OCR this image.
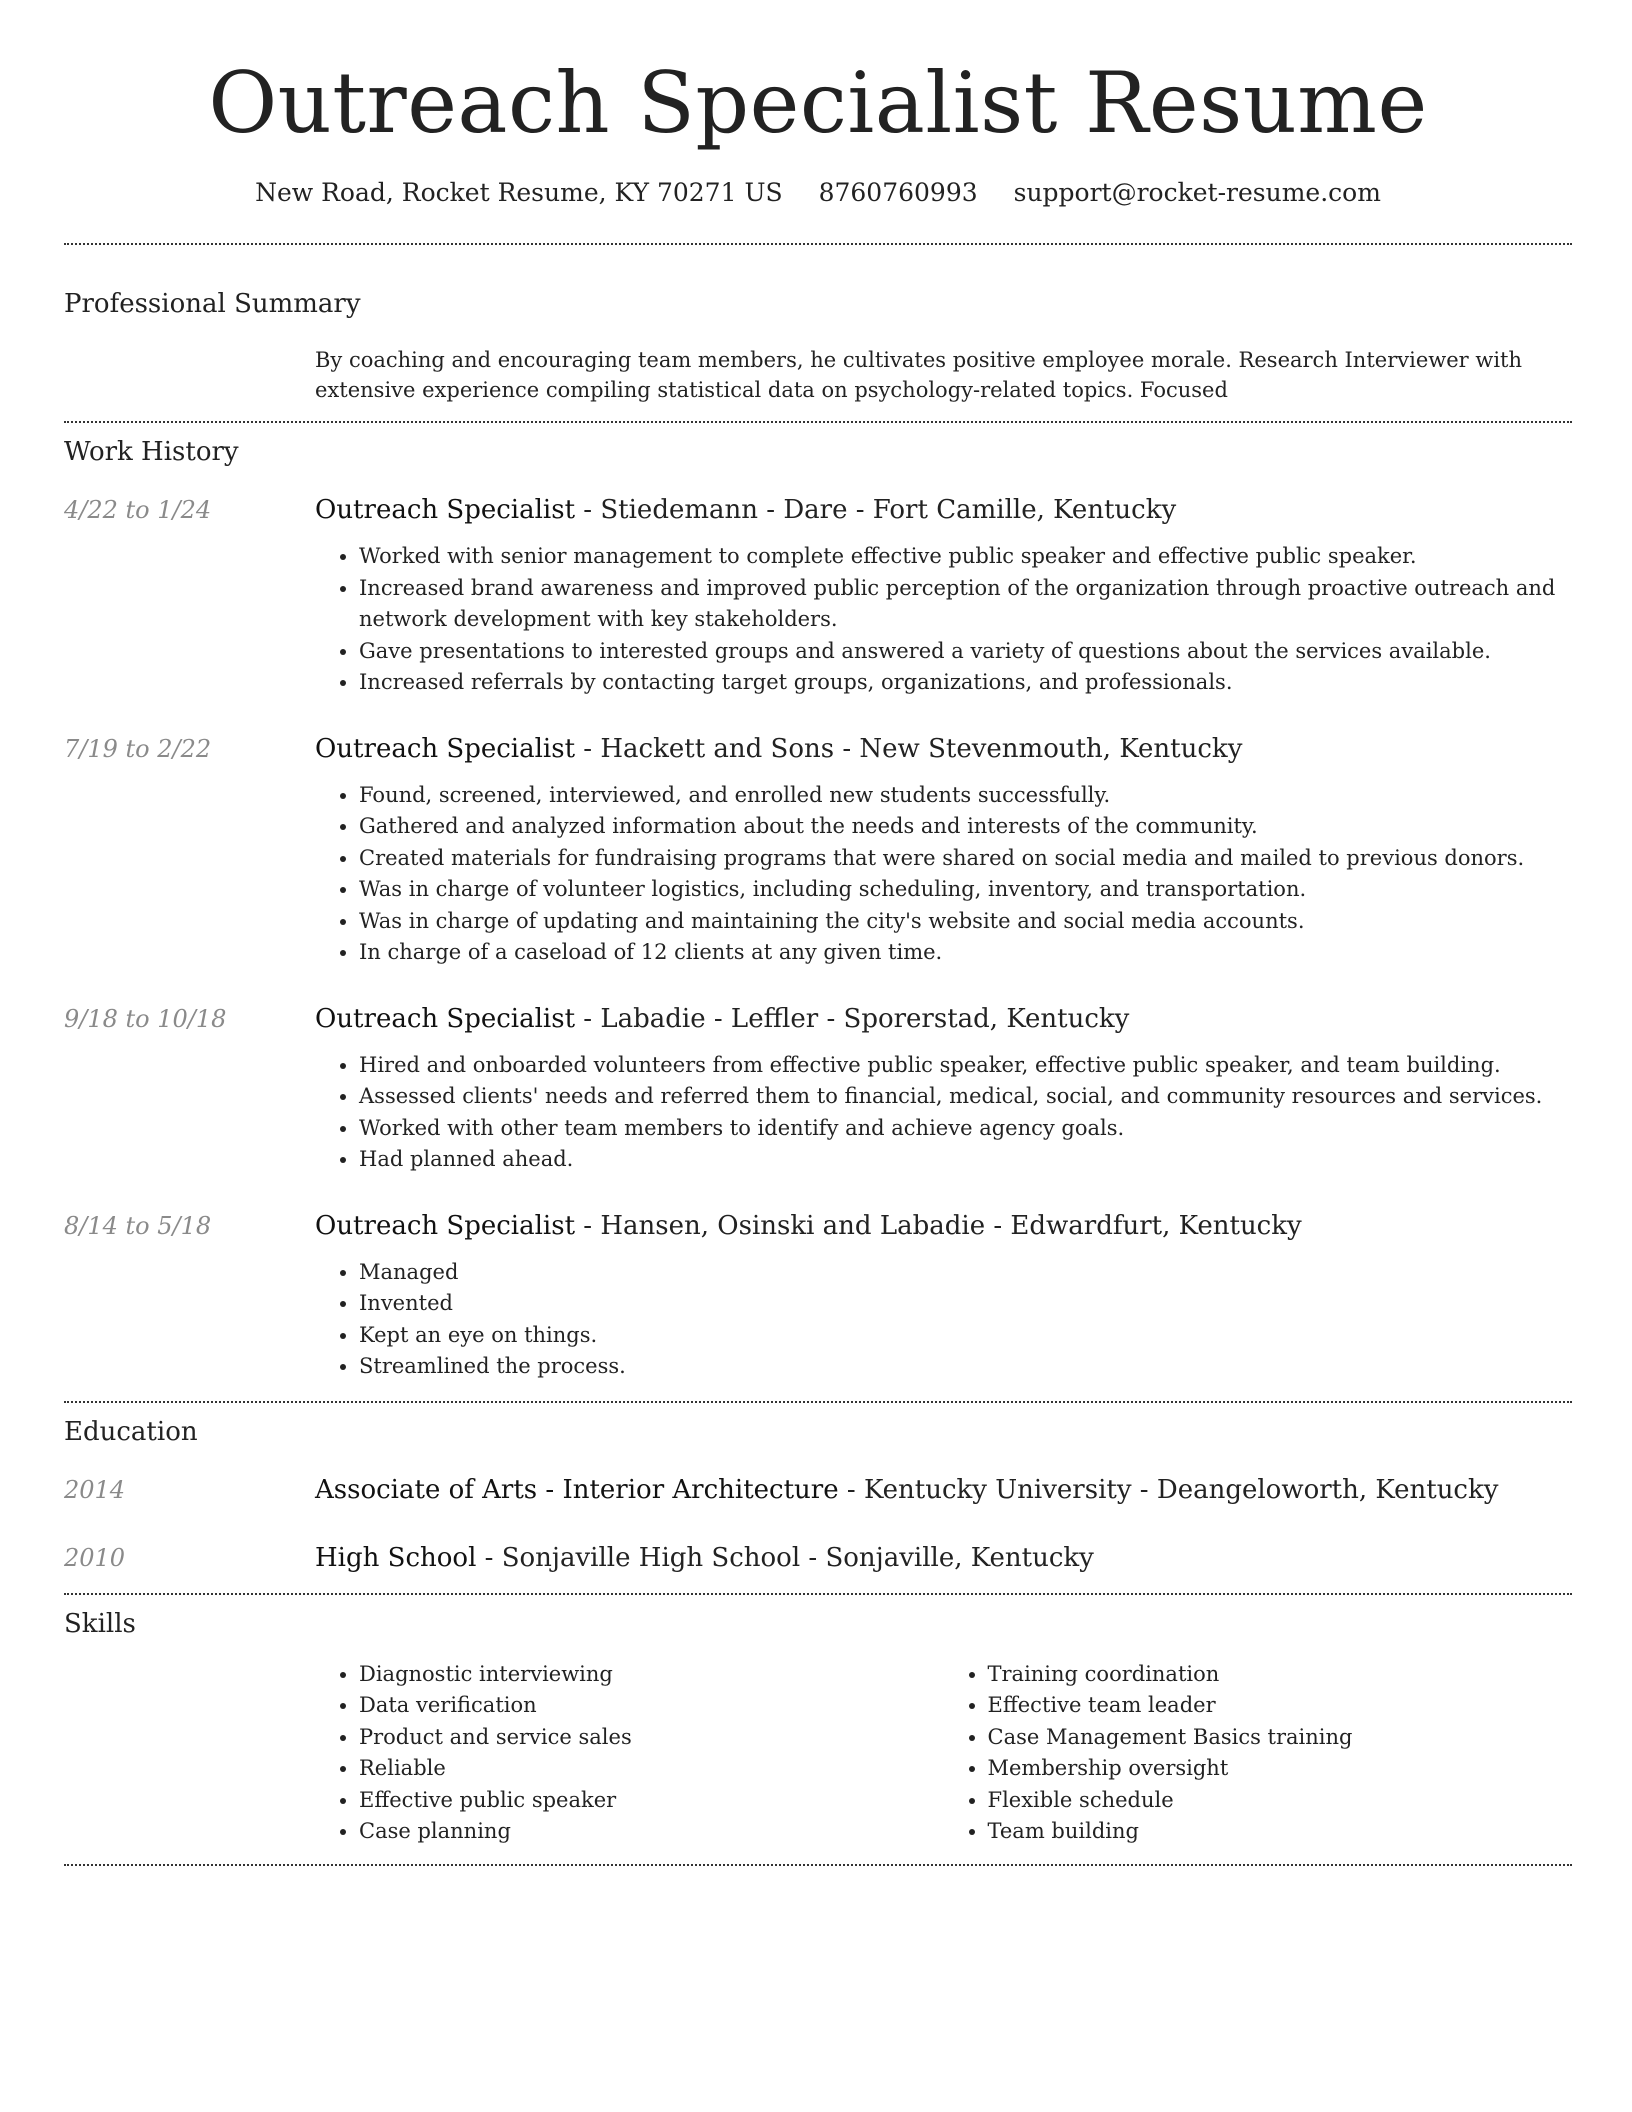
Outreach Specialist Resume
New Road, Rocket Resume, KY 70271 US 8760760993 support@rocket-resume.com
Professional Summary
By coaching and encouraging team members, he cultivates positive employee morale. Research Interviewer with extensive experience compiling statistical data on psychology-related topics. Focused
Work History
4/22 to 1/24	Outreach Specialist - Stiedemann - Dare - Fort Camille, Kentucky
• Worked with senior management to complete effective public speaker and effective public speaker.
• Increased brand awareness and improved public perception of the organization through proactive outreach and network development with key stakeholders.
• Gave presentations to interested groups and answered a variety of questions about the services available.
• Increased referrals by contacting target groups, organizations, and professionals.
7/19 to 2/22	Outreach Specialist - Hackett and Sons - New Stevenmouth, Kentucky
• Found, screened, interviewed, and enrolled new students successfully.
• Gathered and analyzed information about the needs and interests of the community.
• Created materials for fundraising programs that were shared on social media and mailed to previous donors.
• Was in charge of volunteer logistics, including scheduling, inventory, and transportation.
• Was in charge of updating and maintaining the city's website and social media accounts.
• In charge of a caseload of 12 clients at any given time.
9/18 to 10/18	Outreach Specialist - Labadie - Leffler - Sporerstad, Kentucky
• Hired and onboarded volunteers from effective public speaker, effective public speaker, and team building.
• Assessed clients' needs and referred them to financial, medical, social, and community resources and services.
• Worked with other team members to identify and achieve agency goals.
• Had planned ahead.
8/14 to 5/18	Outreach Specialist - Hansen, Osinski and Labadie - Edwardfurt, Kentucky
• Managed
• Invented
• Kept an eye on things.
• Streamlined the process.
Education
2014	Associate of Arts - Interior Architecture - Kentucky University - Deangeloworth, Kentucky
2010	High School - Sonjaville High School - Sonjaville, Kentucky
Skills
• Diagnostic interviewing
• Data verification
• Product and service sales
• Reliable
• Effective public speaker
• Case planning
• Training coordination
• Effective team leader
• Case Management Basics training
• Membership oversight
• Flexible schedule
• Team building
